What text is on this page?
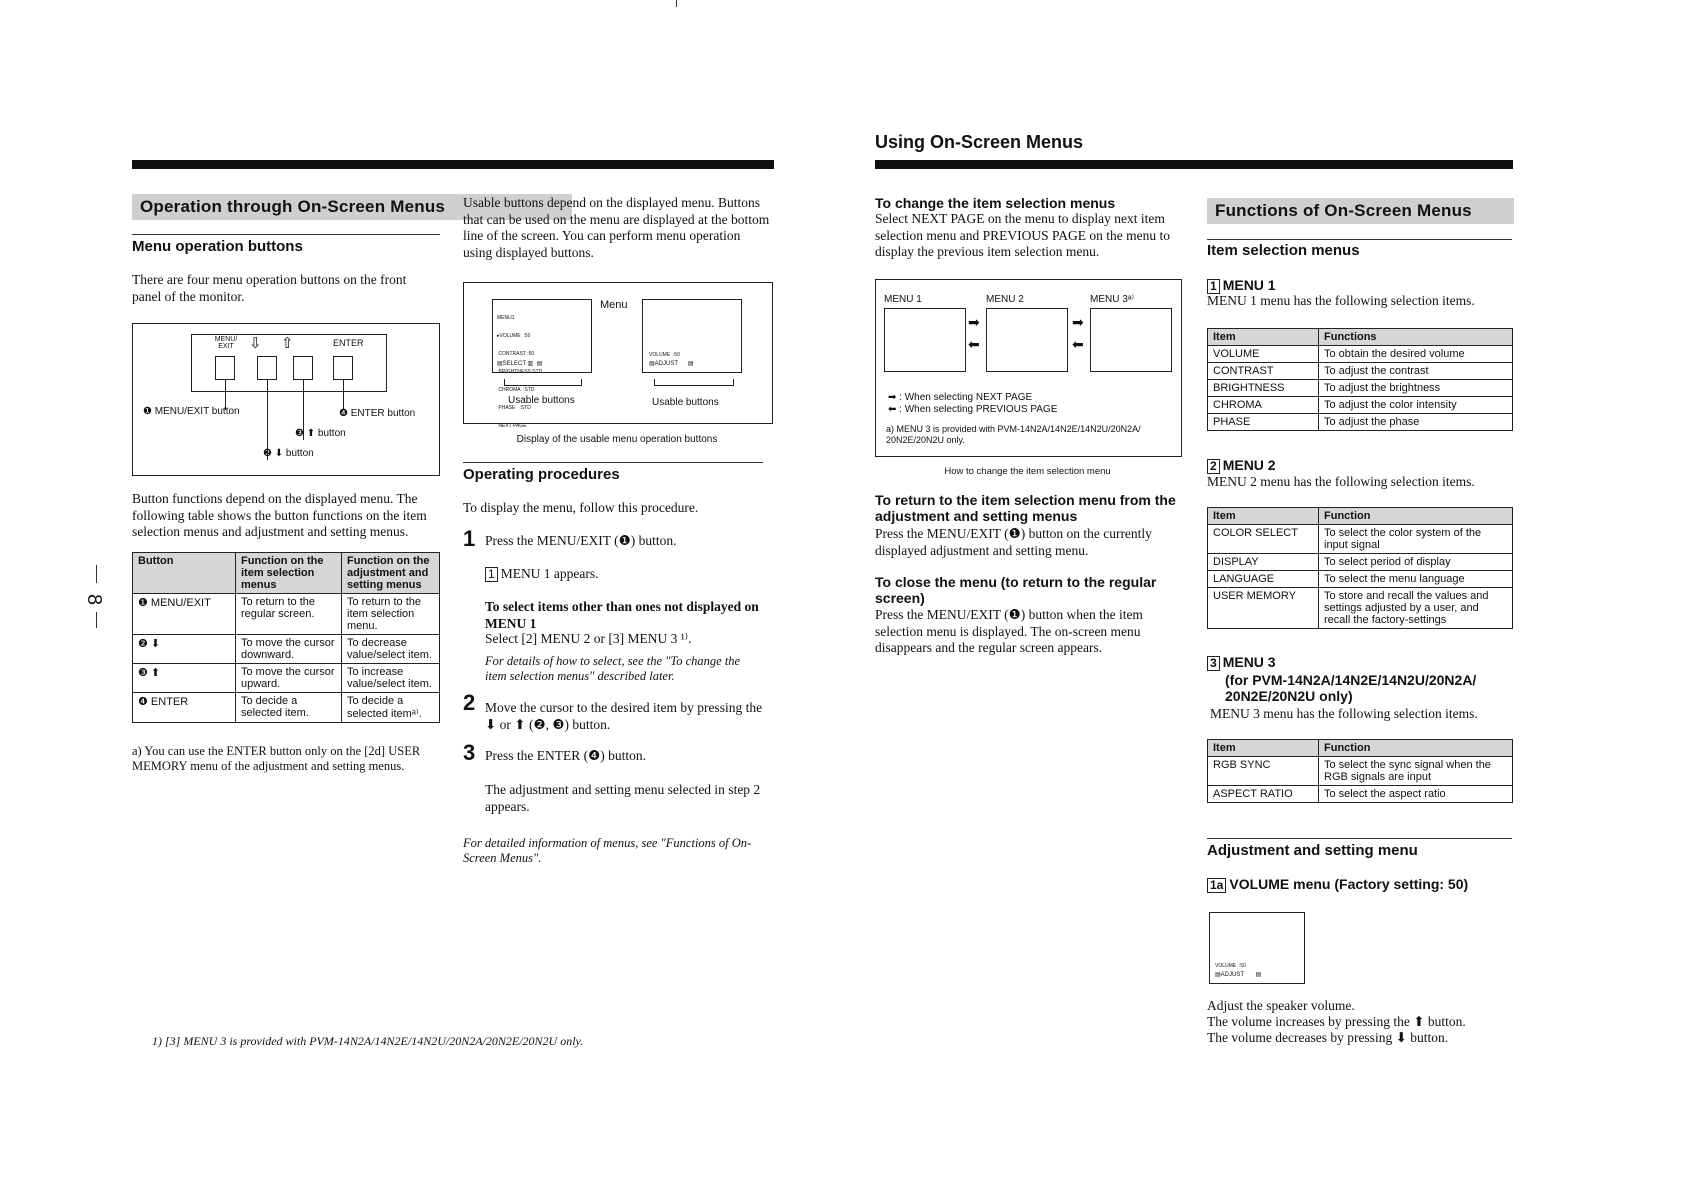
Using On-Screen Menus
8
Operation through On-Screen Menus
Menu operation buttons
There are four menu operation buttons on the front panel of the monitor.
MENU/ EXIT	⇩ ⇧	ENTER
❶ MENU/EXIT button	❹ ENTER button
❸ ⬆ button
❷ ⬇ button
Button functions depend on the displayed menu. The following table shows the button functions on the item selection menus and adjustment and setting menus.
Button	Function on the item selection menus	Function on the adjustment and setting menus
❶ MENU/EXIT	To return to the regular screen.	To return to the item selection menu.
❷ ⬇	To move the cursor downward.	To decrease value/select item.
❸ ⬆	To move the cursor upward.	To increase value/select item.
❹ ENTER	To decide a selected item.	To decide a selected itemᵃ⁾.
a) You can use the ENTER button only on the [2d] USER MEMORY menu of the adjustment and setting menus.
1) [3] MENU 3 is provided with PVM-14N2A/14N2E/14N2U/20N2A/20N2E/20N2U only.
Usable buttons depend on the displayed menu. Buttons that can be used on the menu are displayed at the bottom line of the screen. You can perform menu operation using displayed buttons.

MENU1

▸VOLUME  :50

CONTRAST :50

BRIGHTNESS:STD

CHROMA  :STD

PHASE   :STD

NEXT PAGE

▤SELECT ▥  ▤
Menu
VOLUME  :50
▤ADJUST      ▤
Usable buttons	Usable buttons
Display of the usable menu operation buttons
Operating procedures
To display the menu, follow this procedure.
1 Press the MENU/EXIT (❶) button.
1 MENU 1 appears.
To select items other than ones not displayed on MENU 1
Select [2] MENU 2 or [3] MENU 3 ¹⁾.
For details of how to select, see the "To change the item selection menus" described later.
2 Move the cursor to the desired item by pressing the ⬇ or ⬆ (❷, ❸) button.
3 Press the ENTER (❹) button.
The adjustment and setting menu selected in step 2 appears.
For detailed information of menus, see "Functions of On-Screen Menus".
To change the item selection menus
Select NEXT PAGE on the menu to display next item selection menu and PREVIOUS PAGE on the menu to display the previous item selection menu.
MENU 1	MENU 2	MENU 3ᵃ⁾
➡
⬅
➡
⬅
➡ : When selecting NEXT PAGE
⬅ : When selecting PREVIOUS PAGE
a) MENU 3 is provided with PVM-14N2A/14N2E/14N2U/20N2A/ 20N2E/20N2U only.
How to change the item selection menu
To return to the item selection menu from the adjustment and setting menus
Press the MENU/EXIT (❶) button on the currently displayed adjustment and setting menu.
To close the menu (to return to the regular screen)
Press the MENU/EXIT (❶) button when the item selection menu is displayed. The on-screen menu disappears and the regular screen appears.
Functions of On-Screen Menus
Item selection menus
1 MENU 1
MENU 1 menu has the following selection items.
Item	Functions
VOLUME	To obtain the desired volume
CONTRAST	To adjust the contrast
BRIGHTNESS	To adjust the brightness
CHROMA	To adjust the color intensity
PHASE	To adjust the phase
2 MENU 2
MENU 2 menu has the following selection items.
Item	Function
COLOR SELECT	To select the color system of the input signal
DISPLAY	To select period of display
LANGUAGE	To select the menu language
USER MEMORY	To store and recall the values and settings adjusted by a user, and recall the factory-settings
3 MENU 3
(for PVM-14N2A/14N2E/14N2U/20N2A/ 20N2E/20N2U only)
MENU 3 menu has the following selection items.
Item	Function
RGB SYNC	To select the sync signal when the RGB signals are input
ASPECT RATIO	To select the aspect ratio
Adjustment and setting menu
1a VOLUME menu (Factory setting: 50)
VOLUME  :50
▤ADJUST       ▤
Adjust the speaker volume.
The volume increases by pressing the ⬆ button.
The volume decreases by pressing ⬇ button.
